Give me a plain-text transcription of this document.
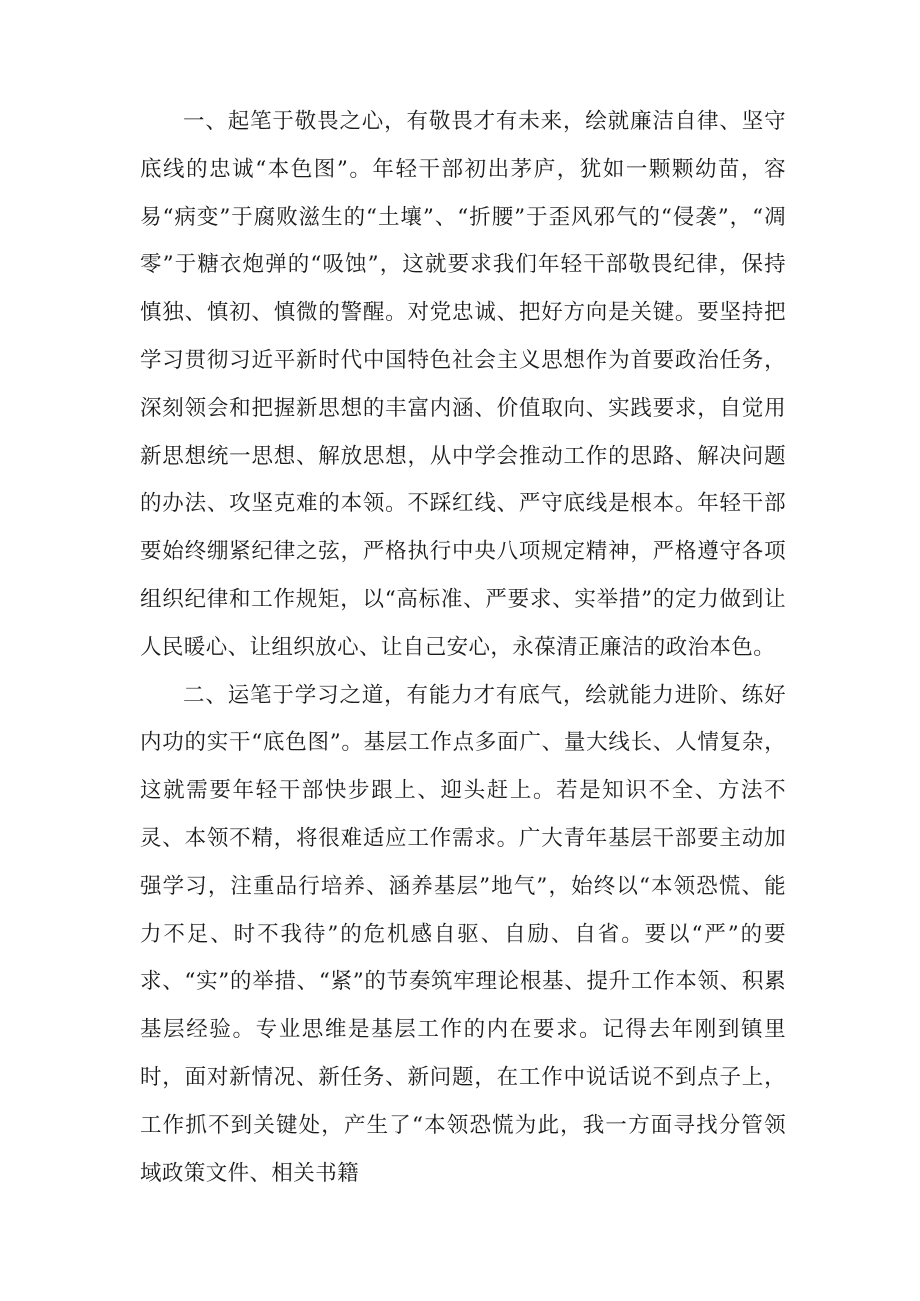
一、起笔于敬畏之心，有敬畏才有未来，绘就廉洁自律、坚守底线的忠诚“本色图”。年轻干部初出茅庐，犹如一颗颗幼苗，容易“病变”于腐败滋生的“土壤”、“折腰”于歪风邪气的“侵袭”，“凋零”于糖衣炮弹的“吸蚀”，这就要求我们年轻干部敬畏纪律，保持慎独、慎初、慎微的警醒。对党忠诚、把好方向是关键。要坚持把学习贯彻习近平新时代中国特色社会主义思想作为首要政治任务，深刻领会和把握新思想的丰富内涵、价值取向、实践要求，自觉用新思想统一思想、解放思想，从中学会推动工作的思路、解决问题的办法、攻坚克难的本领。不踩红线、严守底线是根本。年轻干部要始终绷紧纪律之弦，严格执行中央八项规定精神，严格遵守各项组织纪律和工作规矩，以“高标准、严要求、实举措”的定力做到让人民暖心、让组织放心、让自己安心，永葆清正廉洁的政治本色。

二、运笔于学习之道，有能力才有底气，绘就能力进阶、练好内功的实干“底色图”。基层工作点多面广、量大线长、人情复杂，这就需要年轻干部快步跟上、迎头赶上。若是知识不全、方法不灵、本领不精，将很难适应工作需求。广大青年基层干部要主动加强学习，注重品行培养、涵养基层”地气”，始终以“本领恐慌、能力不足、时不我待”的危机感自驱、自励、自省。要以“严”的要求、“实”的举措、“紧”的节奏筑牢理论根基、提升工作本领、积累基层经验。专业思维是基层工作的内在要求。记得去年刚到镇里时，面对新情况、新任务、新问题，在工作中说话说不到点子上，工作抓不到关键处，产生了“本领恐慌为此，我一方面寻找分管领域政策文件、相关书籍
